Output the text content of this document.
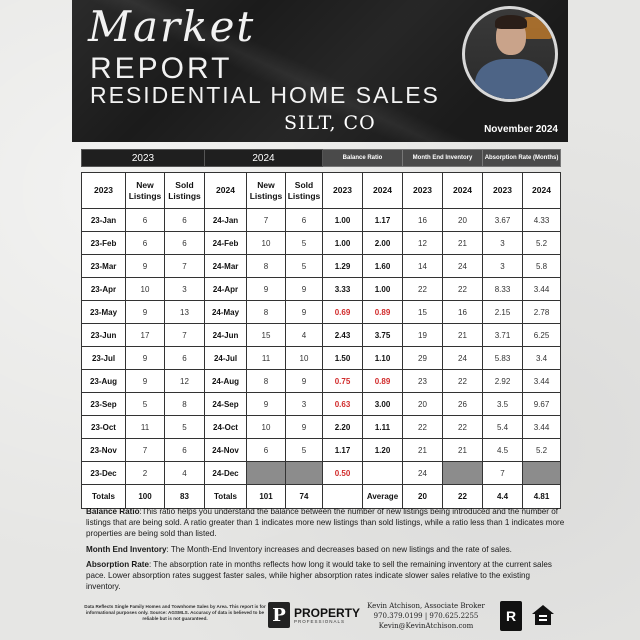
Market
REPORT
RESIDENTIAL HOME SALES
SILT, CO	November 2024
2023	2024	Balance Ratio	Month End Inventory	Absorption Rate (Months)
2023	New Listings	Sold Listings	2024	New Listings	Sold Listings	2023	2024	2023	2024	2023	2024
23-Jan	6	6	24-Jan	7	6	1.00	1.17	16	20	3.67	4.33
23-Feb	6	6	24-Feb	10	5	1.00	2.00	12	21	3	5.2
23-Mar	9	7	24-Mar	8	5	1.29	1.60	14	24	3	5.8
23-Apr	10	3	24-Apr	9	9	3.33	1.00	22	22	8.33	3.44
23-May	9	13	24-May	8	9	0.69	0.89	15	16	2.15	2.78
23-Jun	17	7	24-Jun	15	4	2.43	3.75	19	21	3.71	6.25
23-Jul	9	6	24-Jul	11	10	1.50	1.10	29	24	5.83	3.4
23-Aug	9	12	24-Aug	8	9	0.75	0.89	23	22	2.92	3.44
23-Sep	5	8	24-Sep	9	3	0.63	3.00	20	26	3.5	9.67
23-Oct	11	5	24-Oct	10	9	2.20	1.11	22	22	5.4	3.44
23-Nov	7	6	24-Nov	6	5	1.17	1.20	21	21	4.5	5.2
23-Dec	2	4	24-Dec			0.50		24		7	
Totals	100	83	Totals	101	74		Average	20	22	4.4	4.81

Balance Ratio:This ratio helps you understand the balance between the number of new listings being introduced and the number of listings that are being sold. A ratio greater than 1 indicates more new listings than sold listings, while a ratio less than 1 indicates more properties are being sold than listed.

Month End Inventory: The Month-End Inventory increases and decreases based on new listings and the rate of sales.

Absorption Rate: The absorption rate in months reflects how long it would take to sell the remaining inventory at the current sales pace. Lower absorption rates suggest faster sales, while higher absorption rates indicate slower sales relative to the existing inventory.

Data Reflects Single Family Homes and Townhome Sales by Area. This report is for informational purposes only. Source: AGSMLS. Accuracy of data is believed to be reliable but is not guaranteed.	P PROPERTY
PROFESSIONALS
Kevin Atchison, Associate Broker
970.379.0199 | 970.625.2255
Kevin@KevinAtchison.com
R
